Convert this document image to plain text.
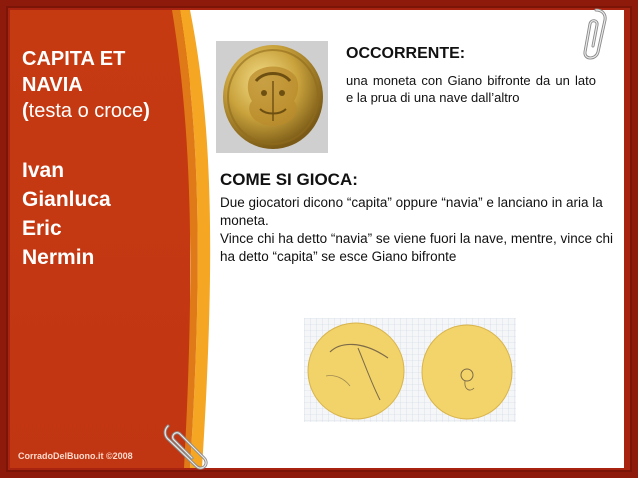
CAPITA ET
NAVIA
(testa o croce)
Ivan
Gianluca
Eric
Nermin
CorradoDelBuono.it ©2008
OCCORRENTE:
una moneta con Giano bifronte da un lato e la prua di una nave dall’altro
COME SI GIOCA:

Due giocatori dicono “capita” oppure “navia” e lanciano in aria la moneta.

Vince chi ha detto “navia” se viene fuori la nave, mentre, vince chi ha detto “capita” se esce Giano bifronte
